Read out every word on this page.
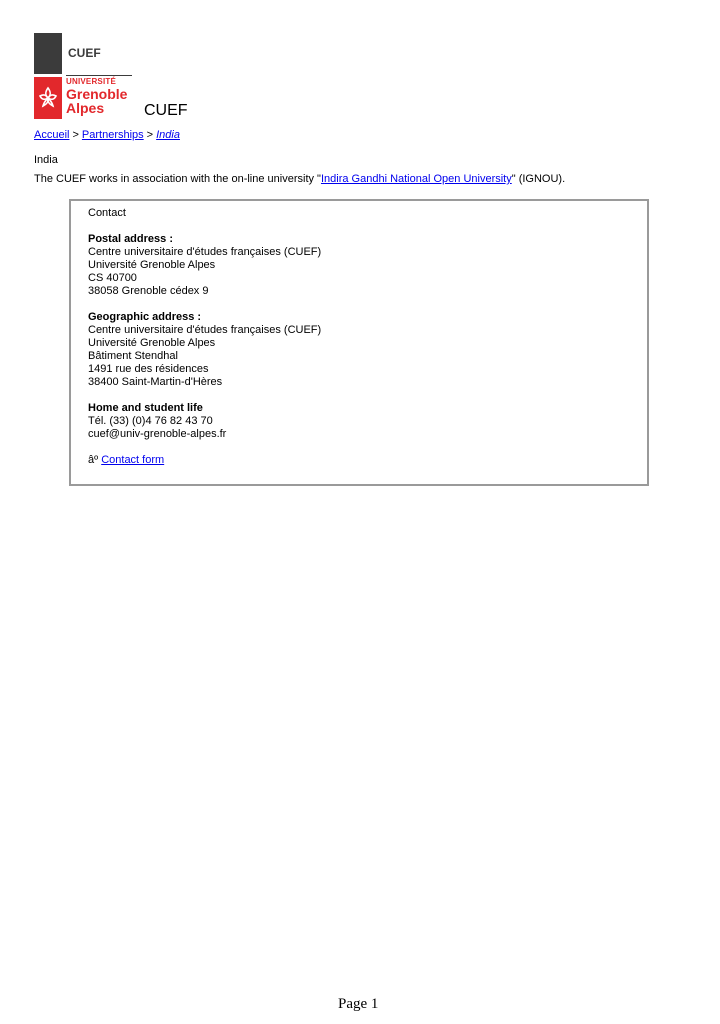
CUEF
UNIVERSITÉ
Grenoble
Alpes	CUEF
Accueil > Partnerships > India
India
The CUEF works in association with the on-line university "Indira Gandhi National Open University" (IGNOU).
Contact
Postal address :
Centre universitaire d'études françaises (CUEF)
Université Grenoble Alpes
CS 40700
38058 Grenoble cédex 9
Geographic address :
Centre universitaire d'études françaises (CUEF)
Université Grenoble Alpes
Bâtiment Stendhal
1491 rue des résidences
38400 Saint-Martin-d'Hères
Home and student life
Tél. (33) (0)4 76 82 43 70
cuef@univ-grenoble-alpes.fr
âº Contact form
Page 1
